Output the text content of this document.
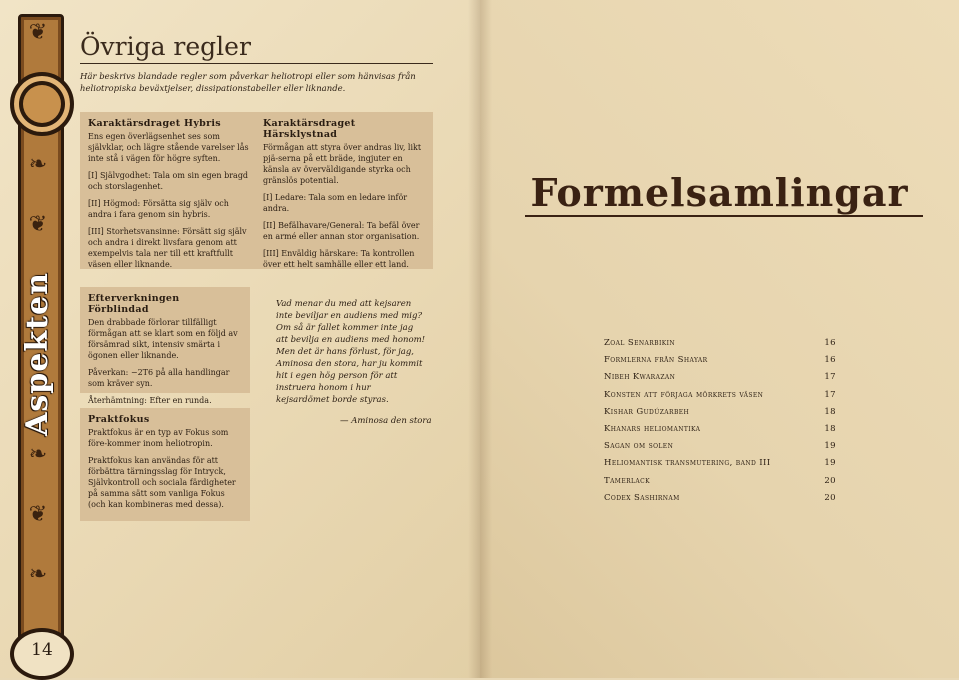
❦
❧
❦
❧
❦
❧
Aspekten
14
Övriga regler
Här beskrivs blandade regler som påverkar heliotropi eller som hänvisas från heliotropiska beväxtjelser, dissipationstabeller eller liknande.
Karaktärsdraget Hybris

Ens egen överlägsenhet ses som självklar, och lägre stående varelser lås inte stå i vägen för högre syften.

[I] Självgodhet: Tala om sin egen bragd och storslagenhet.

[II] Högmod: Försätta sig själv och andra i fara genom sin hybris.

[III] Storhetsvansinne: Försätt sig själv och andra i direkt livsfara genom att exempelvis tala ner till ett kraftfullt väsen eller liknande.

Karaktärsdraget Härsklystnad

Förmågan att styra över andras liv, likt pjä-serna på ett bräde, ingjuter en känsla av överväldigande styrka och gränslös potential.

[I] Ledare: Tala som en ledare inför andra.

[II] Befälhavare/General: Ta befäl över en armé eller annan stor organisation.

[III] Enväldig härskare: Ta kontrollen över ett helt samhälle eller ett land.

Efterverkningen Förblindad

Den drabbade förlorar tillfälligt förmågan att se klart som en följd av försämrad sikt, intensiv smärta i ögonen eller liknande.

Påverkan: −2T6 på alla handlingar som kräver syn.

Återhämtning: Efter en runda.

Praktfokus

Praktfokus är en typ av Fokus som före-kommer inom heliotropin.

Praktfokus kan användas för att förbättra tärningsslag för Intryck, Självkontroll och sociala färdigheter på samma sätt som vanliga Fokus (och kan kombineras med dessa).

Vad menar du med att kejsaren inte beviljar en audiens med mig? Om så är fallet kommer inte jag att bevilja en audiens med honom!

Men det är hans förlust, för jag, Aminosa den stora, har ju kommit hit i egen hög person för att instruera honom i hur kejsardömet borde styras.

— Aminosa den stora
Formelsamlingar
Zoal Senarbikin	16
Formlerna från Shayar	16
Nibeh Kwarazan	17
Konsten att förjaga mörkrets väsen	17
Kishar Gudúzarbeh	18
Khanars heliomantika	18
Sagan om solen	19
Heliomantisk transmutering, band III	19
Tamerlack	20
Codex Sashirnam	20
